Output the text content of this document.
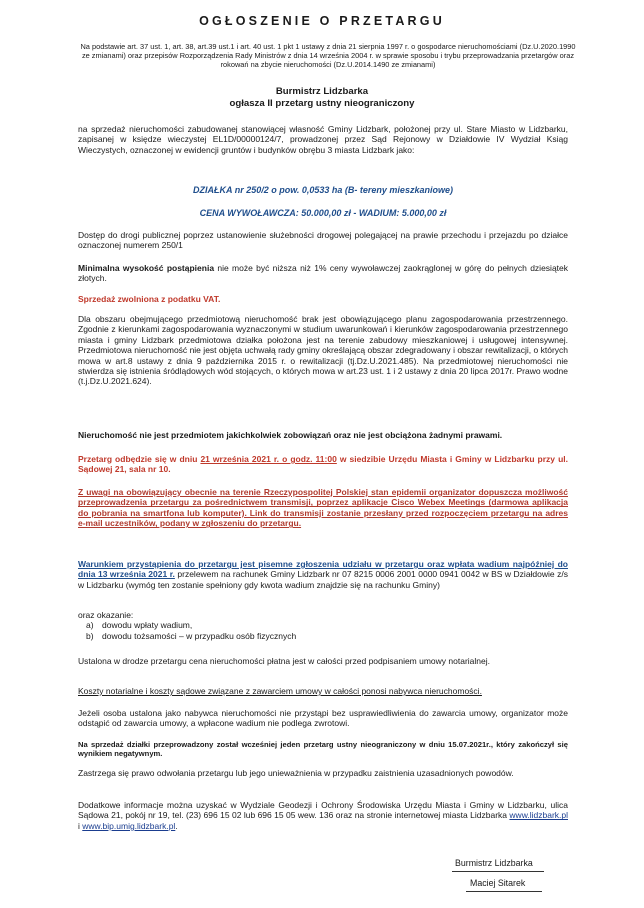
OGŁOSZENIE O PRZETARGU
Na podstawie art. 37 ust. 1, art. 38, art.39 ust.1 i art. 40 ust. 1 pkt 1 ustawy z dnia 21 sierpnia 1997 r. o gospodarce nieruchomościami (Dz.U.2020.1990 ze zmianami) oraz przepisów Rozporządzenia Rady Ministrów z dnia 14 września 2004 r. w sprawie sposobu i trybu przeprowadzania przetargów oraz rokowań na zbycie nieruchomości (Dz.U.2014.1490 ze zmianami)
Burmistrz Lidzbarka
ogłasza II przetarg ustny nieograniczony
na sprzedaż nieruchomości zabudowanej stanowiącej własność Gminy Lidzbark, położonej przy ul. Stare Miasto w Lidzbarku, zapisanej w księdze wieczystej EL1D/00000124/7, prowadzonej przez Sąd Rejonowy w Działdowie IV Wydział Ksiąg Wieczystych, oznaczonej w ewidencji gruntów i budynków obrębu 3 miasta Lidzbark jako:
DZIAŁKA nr 250/2 o pow. 0,0533 ha (B- tereny mieszkaniowe)
CENA WYWOŁAWCZA: 50.000,00 zł - WADIUM: 5.000,00 zł
Dostęp do drogi publicznej poprzez ustanowienie służebności drogowej polegającej na prawie przechodu i przejazdu po działce oznaczonej numerem 250/1
Minimalna wysokość postąpienia nie może być niższa niż 1% ceny wywoławczej zaokrąglonej w górę do pełnych dziesiątek złotych.
Sprzedaż zwolniona z podatku VAT.
Dla obszaru obejmującego przedmiotową nieruchomość brak jest obowiązującego planu zagospodarowania przestrzennego. Zgodnie z kierunkami zagospodarowania wyznaczonymi w studium uwarunkowań i kierunków zagospodarowania przestrzennego miasta i gminy Lidzbark przedmiotowa działka położona jest na terenie zabudowy mieszkaniowej i usługowej intensywnej. Przedmiotowa nieruchomość nie jest objęta uchwałą rady gminy określającą obszar zdegradowany i obszar rewitalizacji, o których mowa w art.8 ustawy z dnia 9 października 2015 r. o rewitalizacji (tj.Dz.U.2021.485). Na przedmiotowej nieruchomości nie stwierdza się istnienia śródlądowych wód stojących, o których mowa w art.23 ust. 1 i 2 ustawy z dnia 20 lipca 2017r. Prawo wodne (t.j.Dz.U.2021.624).
Nieruchomość nie jest przedmiotem jakichkolwiek zobowiązań oraz nie jest obciążona żadnymi prawami.
Przetarg odbędzie się w dniu 21 września 2021 r. o godz. 11:00 w siedzibie Urzędu Miasta i Gminy w Lidzbarku przy ul. Sądowej 21, sala nr 10.
Z uwagi na obowiązujący obecnie na terenie Rzeczypospolitej Polskiej stan epidemii organizator dopuszcza możliwość przeprowadzenia przetargu za pośrednictwem transmisji, poprzez aplikacje Cisco Webex Meetings (darmowa aplikacja do pobrania na smartfona lub komputer). Link do transmisji zostanie przesłany przed rozpoczęciem przetargu na adres e-mail uczestników, podany w zgłoszeniu do przetargu.
Warunkiem przystąpienia do przetargu jest pisemne zgłoszenia udziału w przetargu oraz wpłata wadium najpóźniej do dnia 13 września 2021 r. przelewem na rachunek Gminy Lidzbark nr 07 8215 0006 2001 0000 0941 0042 w BS w Działdowie z/s w Lidzbarku (wymóg ten zostanie spełniony gdy kwota wadium znajdzie się na rachunku Gminy)
oraz okazanie:
a) dowodu wpłaty wadium,
b) dowodu tożsamości – w przypadku osób fizycznych
Ustalona w drodze przetargu cena nieruchomości płatna jest w całości przed podpisaniem umowy notarialnej.
Koszty notarialne i koszty sądowe związane z zawarciem umowy w całości ponosi nabywca nieruchomości.
Jeżeli osoba ustalona jako nabywca nieruchomości nie przystąpi bez usprawiedliwienia do zawarcia umowy, organizator może odstąpić od zawarcia umowy, a wpłacone wadium nie podlega zwrotowi.
Na sprzedaż działki przeprowadzony został wcześniej jeden przetarg ustny nieograniczony w dniu 15.07.2021r., który zakończył się wynikiem negatywnym.
Zastrzega się prawo odwołania przetargu lub jego unieważnienia w przypadku zaistnienia uzasadnionych powodów.
Dodatkowe informacje można uzyskać w Wydziale Geodezji i Ochrony Środowiska Urzędu Miasta i Gminy w Lidzbarku, ulica Sądowa 21, pokój nr 19, tel. (23) 696 15 02 lub 696 15 05 wew. 136 oraz na stronie internetowej miasta Lidzbarka www.lidzbark.pl i www.bip.umig.lidzbark.pl.
Burmistrz Lidzbarka
Maciej Sitarek
